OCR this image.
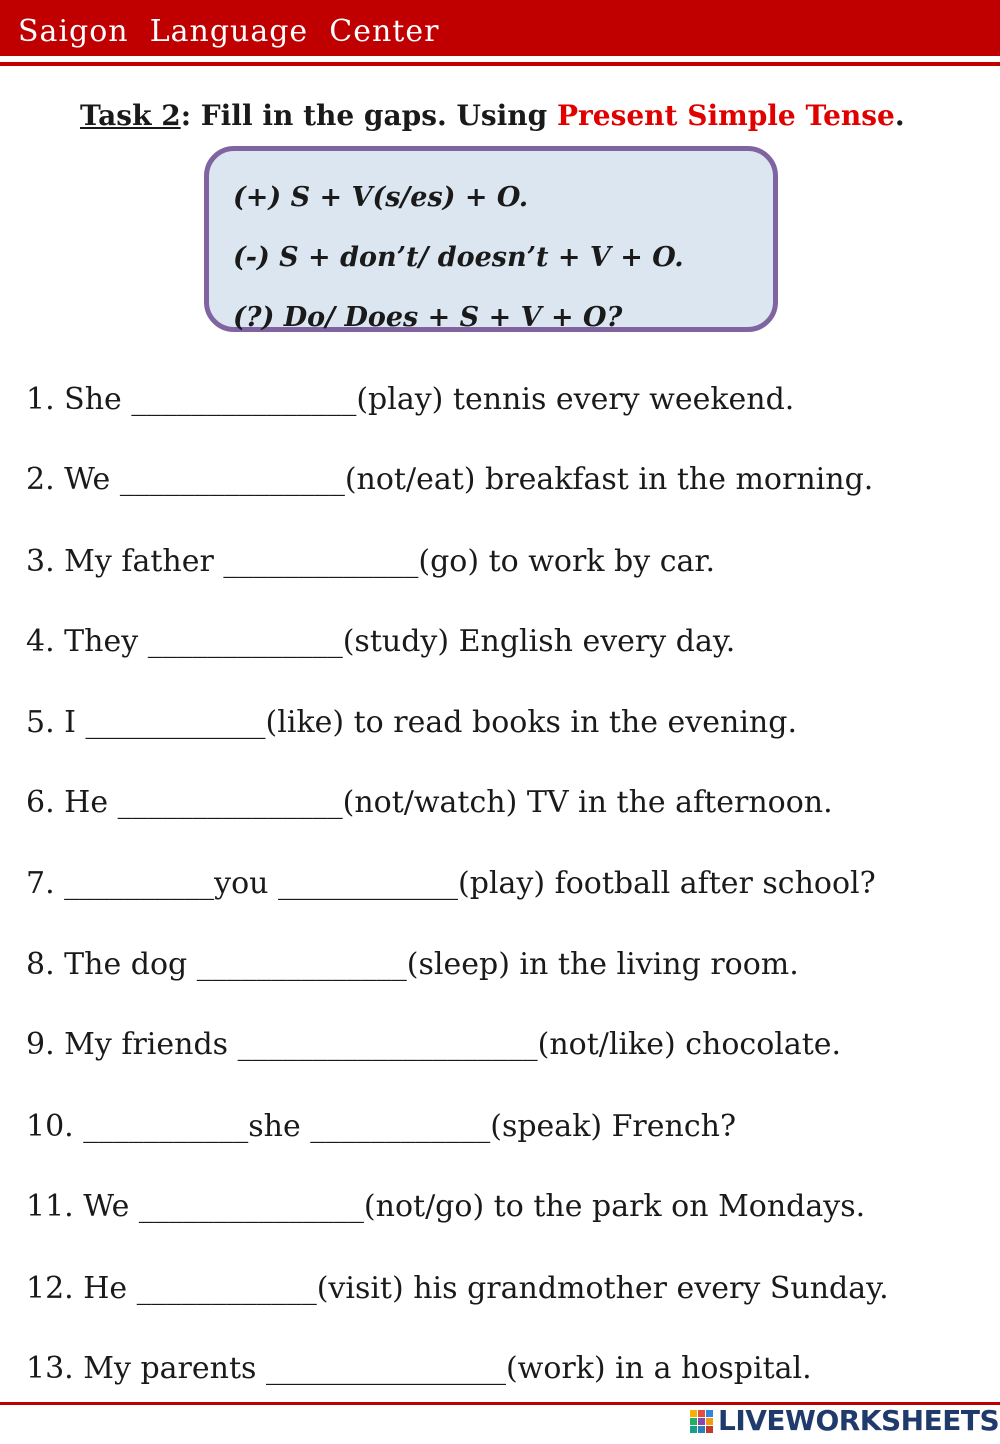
Saigon  Language  Center
Task 2: Fill in the gaps. Using Present Simple Tense.
(+) S + V(s/es) + O.
(-) S + don’t/ doesn’t + V + O.
(?) Do/ Does + S + V + O?
1. She _______________(play) tennis every weekend.
2. We _______________(not/eat) breakfast in the morning.
3. My father _____________(go) to work by car.
4. They _____________(study) English every day.
5. I ____________(like) to read books in the evening.
6. He _______________(not/watch) TV in the afternoon.
7. __________you ____________(play) football after school?
8. The dog ______________(sleep) in the living room.
9. My friends ____________________(not/like) chocolate.
10. ___________she ____________(speak) French?
11. We _______________(not/go) to the park on Mondays.
12. He ____________(visit) his grandmother every Sunday.
13. My parents ________________(work) in a hospital.
LIVEWORKSHEETS
